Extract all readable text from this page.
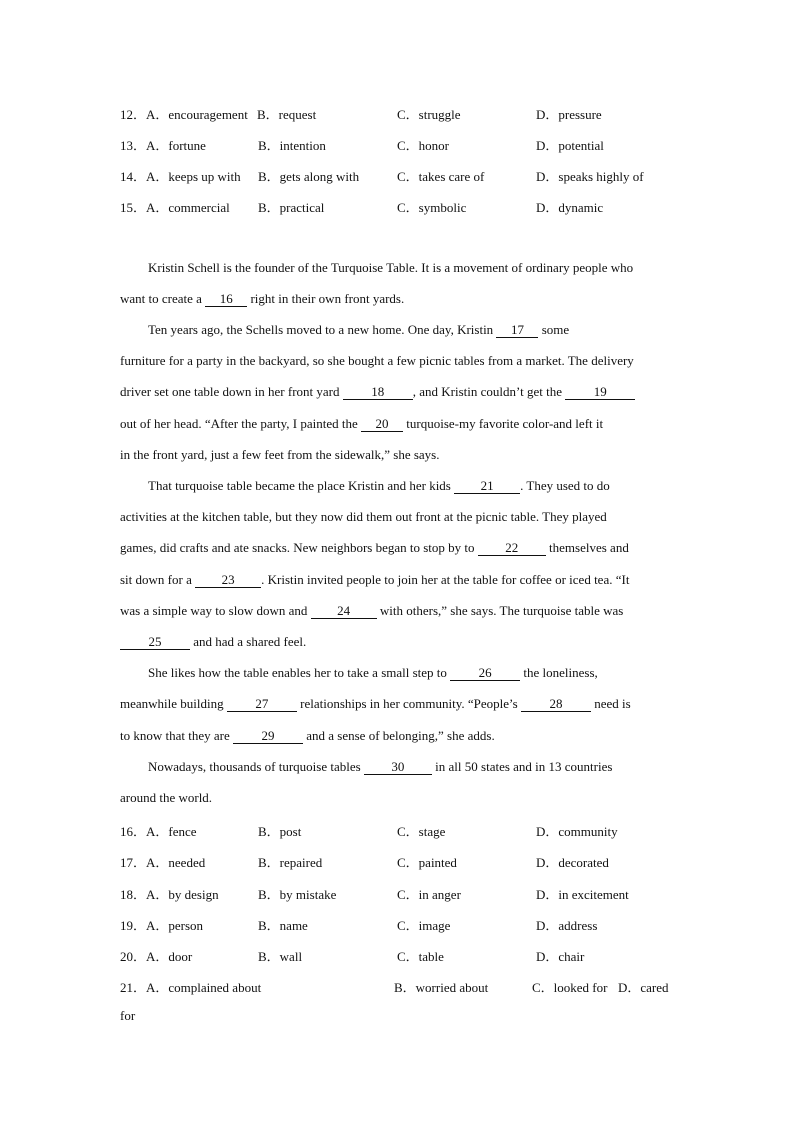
12．A．encouragement B．request	C．struggle	D．pressure
13．A．fortune	B．intention	C．honor	D．potential
14．A．keeps up with B．gets along with	C．takes care of	D．speaks highly of
15．A．commercial B．practical	C．symbolic	D．dynamic
Kristin Schell is the founder of the Turquoise Table. It is a movement of ordinary people who
want to create a 16 right in their own front yards.
Ten years ago, the Schells moved to a new home. One day, Kristin 17 some
furniture for a party in the backyard, so she bought a few picnic tables from a market. The delivery
driver set one table down in her front yard 18 , and Kristin couldn’t get the 19
out of her head. “After the party, I painted the 20 turquoise-my favorite color-and left it
in the front yard, just a few feet from the sidewalk,” she says.
That turquoise table became the place Kristin and her kids 21 . They used to do
activities at the kitchen table, but they now did them out front at the picnic table. They played
games, did crafts and ate snacks. New neighbors began to stop by to 22 themselves and
sit down for a 23 . Kristin invited people to join her at the table for coffee or iced tea. “It
was a simple way to slow down and 24 with others,” she says. The turquoise table was
25 and had a shared feel.
She likes how the table enables her to take a small step to 26 the loneliness,
meanwhile building 27 relationships in her community. “People’s 28 need is
to know that they are 29 and a sense of belonging,” she adds.
Nowadays, thousands of turquoise tables 30 in all 50 states and in 13 countries
around the world.
16．A．fence	B．post	C．stage	D．community
17．A．needed	B．repaired	C．painted	D．decorated
18．A．by design	B．by mistake	C．in anger	D．in excitement
19．A．person	B．name	C．image	D．address
20．A．door	B．wall	C．table	D．chair
21．A．complained about	B．worried about	C．looked for D．cared
for
